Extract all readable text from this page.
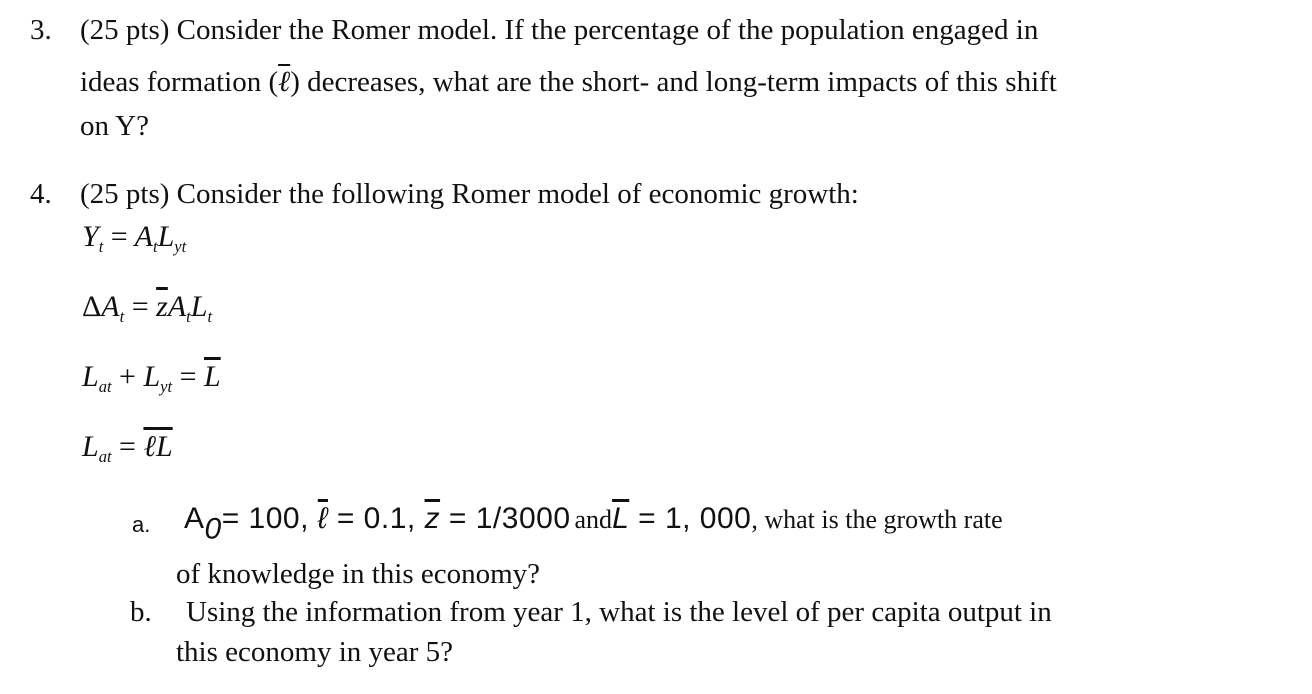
3. (25 pts) Consider the Romer model. If the percentage of the population engaged in
ideas formation (ℓ) decreases, what are the short- and long-term impacts of this shift
on Y?
4. (25 pts) Consider the following Romer model of economic growth:
$Y_t = A_tL_{yt}$
$\Delta A_t = \overline{z}A_tL_t$
$L_{at} + L_{yt} = \overline{L}$
$L_{at}$ = $\ell\overline{L}$
a. A0= 100, ℓ = 0.1, $\overline{z} = 1/3000$ $and\overline{L} = 1$, 000, what is the growth rate
of knowledge in this economy?
b. Using the information from year 1, what is the level of per capita output in
this economy in year 5?
